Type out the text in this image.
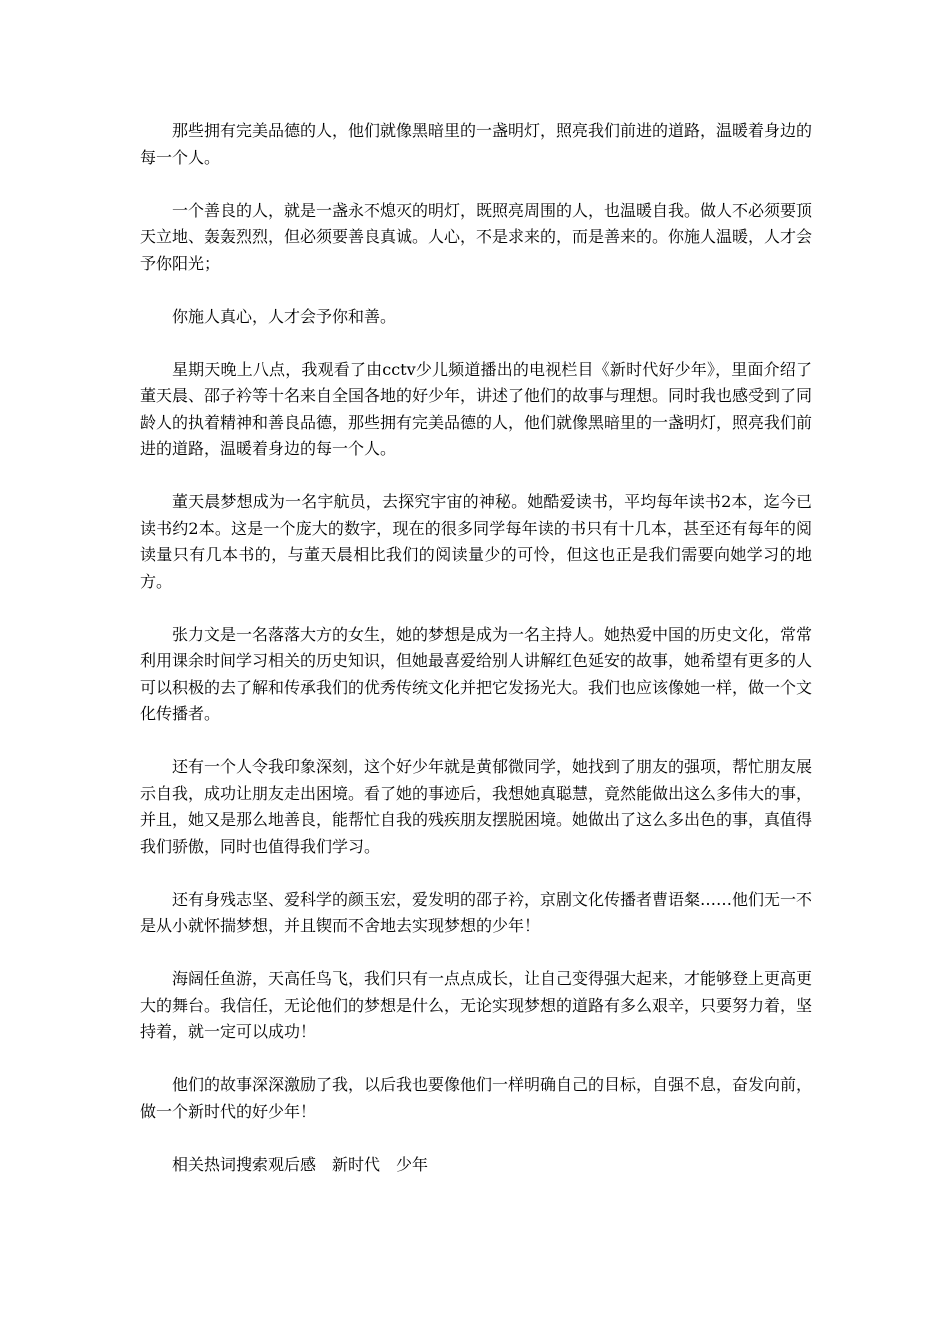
那些拥有完美品德的人，他们就像黑暗里的一盏明灯，照亮我们前进的道路，温暖着身边的每一个人。

一个善良的人，就是一盏永不熄灭的明灯，既照亮周围的人，也温暖自我。做人不必须要顶天立地、轰轰烈烈，但必须要善良真诚。人心，不是求来的，而是善来的。你施人温暖，人才会予你阳光；

你施人真心，人才会予你和善。

星期天晚上八点，我观看了由cctv少儿频道播出的电视栏目《新时代好少年》，里面介绍了董天晨、邵子衿等十名来自全国各地的好少年，讲述了他们的故事与理想。同时我也感受到了同龄人的执着精神和善良品德，那些拥有完美品德的人，他们就像黑暗里的一盏明灯，照亮我们前进的道路，温暖着身边的每一个人。

董天晨梦想成为一名宇航员，去探究宇宙的神秘。她酷爱读书，平均每年读书2本，迄今已读书约2本。这是一个庞大的数字，现在的很多同学每年读的书只有十几本，甚至还有每年的阅读量只有几本书的，与董天晨相比我们的阅读量少的可怜，但这也正是我们需要向她学习的地方。

张力文是一名落落大方的女生，她的梦想是成为一名主持人。她热爱中国的历史文化，常常利用课余时间学习相关的历史知识，但她最喜爱给别人讲解红色延安的故事，她希望有更多的人可以积极的去了解和传承我们的优秀传统文化并把它发扬光大。我们也应该像她一样，做一个文化传播者。

还有一个人令我印象深刻，这个好少年就是黄郁微同学，她找到了朋友的强项，帮忙朋友展示自我，成功让朋友走出困境。看了她的事迹后，我想她真聪慧，竟然能做出这么多伟大的事，并且，她又是那么地善良，能帮忙自我的残疾朋友摆脱困境。她做出了这么多出色的事，真值得我们骄傲，同时也值得我们学习。

还有身残志坚、爱科学的颜玉宏，爱发明的邵子衿，京剧文化传播者曹语粲……他们无一不是从小就怀揣梦想，并且锲而不舍地去实现梦想的少年！

海阔任鱼游，天高任鸟飞，我们只有一点点成长，让自己变得强大起来，才能够登上更高更大的舞台。我信任，无论他们的梦想是什么，无论实现梦想的道路有多么艰辛，只要努力着，坚持着，就一定可以成功！

他们的故事深深激励了我，以后我也要像他们一样明确自己的目标，自强不息，奋发向前，做一个新时代的好少年！

相关热词搜索观后感　新时代　少年
